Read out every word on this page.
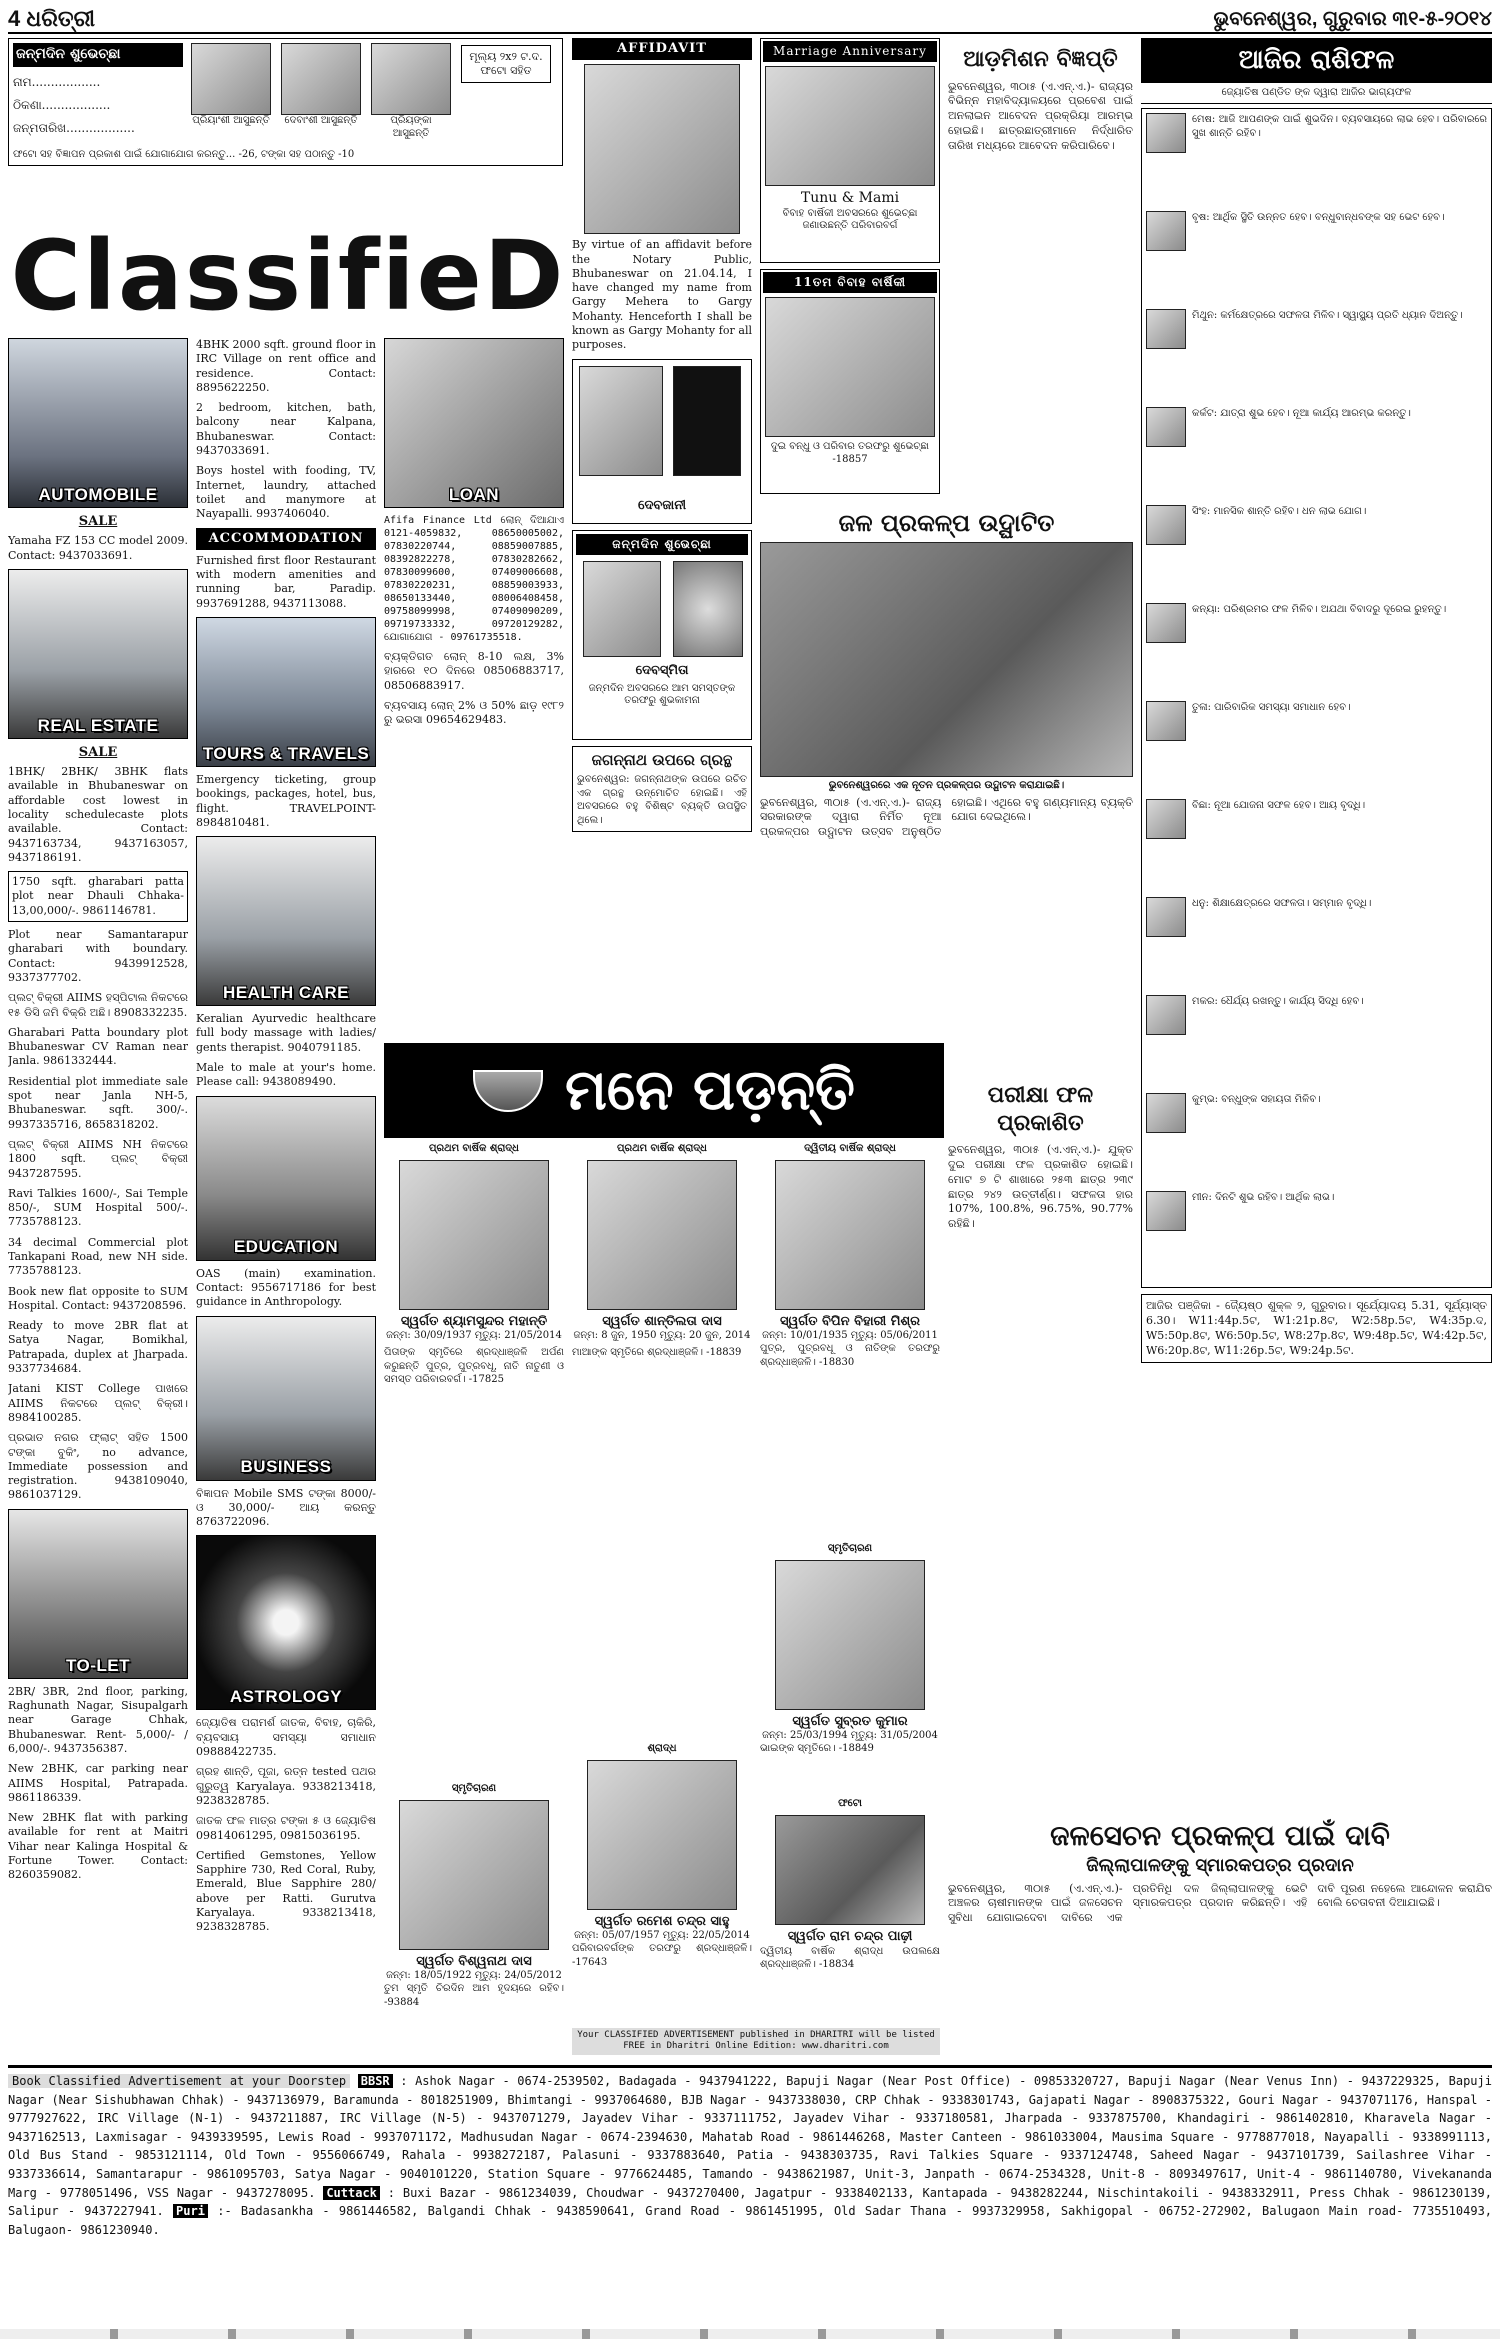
4 ଧରିତ୍ରୀ	ଭୁବନେଶ୍ୱର, ଗୁରୁବାର ୩୧-୫-୨୦୧୪
ଜନ୍ମଦିନ ଶୁଭେଚ୍ଛା
ନାମ..................
ଠିକଣା..................
ଜନ୍ମତାରିଖ..................	ପ୍ରିୟାଂଶୀ ଆସୁଛନ୍ତି	ଦେବାଂଶୀ ଆସୁଛନ୍ତି	ପ୍ରିୟଙ୍କା ଆସୁଛନ୍ତି
ମୂଲ୍ୟ ୨x୨ ଟ.ଦ. ଫଟୋ ସହିତ
ଫଟୋ ସହ ବିଜ୍ଞାପନ ପ୍ରକାଶ ପାଇଁ ଯୋଗାଯୋଗ କରନ୍ତୁ... -26, ଟଙ୍କା ସହ ପଠାନ୍ତୁ -10
ClassifieD
AUTOMOBILE
SALE
Yamaha FZ 153 CC model 2009. Contact: 9437033691.
REAL ESTATE
SALE
1BHK/ 2BHK/ 3BHK flats available in Bhubaneswar on affordable cost lowest in locality schedulecaste plots available. Contact: 9437163734, 9437163057, 9437186191.
1750 sqft. gharabari patta plot near Dhauli Chhaka-13,00,000/-. 9861146781.
Plot near Samantarapur gharabari with boundary. Contact: 9439912528, 9337377702.
ପ୍ଲଟ୍ ବିକ୍ରୀ AIIMS ହସ୍ପିଟାଲ ନିକଟରେ ୧୫ ଡିସି ଜମି ବିକ୍ରି ଅଛି। 8908332235.
Gharabari Patta boundary plot Bhubaneswar CV Raman near Janla. 9861332444.
Residential plot immediate sale spot near Janla NH-5, Bhubaneswar. sqft. 300/-. 9937335716, 8658318202.
ପ୍ଲଟ୍ ବିକ୍ରୀ AIIMS NH ନିକଟରେ 1800 sqft. ପ୍ଲଟ୍ ବିକ୍ରୀ 9437287595.
Ravi Talkies 1600/-, Sai Temple 850/-, SUM Hospital 500/-. 7735788123.
34 decimal Commercial plot Tankapani Road, new NH side. 7735788123.
Book new flat opposite to SUM Hospital. Contact: 9437208596.
Ready to move 2BR flat at Satya Nagar, Bomikhal, Patrapada, duplex at Jharpada. 9337734684.
Jatani KIST College ପାଖରେ AIIMS ନିକଟରେ ପ୍ଲଟ୍ ବିକ୍ରୀ। 8984100285.
ପ୍ରଭାତ ନଗର ଫ୍ଲାଟ୍ ସହିତ 1500 ଟଙ୍କା ବୁକିଂ, no advance, Immediate possession and registration. 9438109040, 9861037129.
TO-LET
2BR/ 3BR, 2nd floor, parking, Raghunath Nagar, Sisupalgarh near Garage Chhak, Bhubaneswar. Rent- 5,000/- / 6,000/-. 9437356387.
New 2BHK, car parking near AIIMS Hospital, Patrapada. 9861186339.
New 2BHK flat with parking available for rent at Maitri Vihar near Kalinga Hospital & Fortune Tower. Contact: 8260359082.
4BHK 2000 sqft. ground floor in IRC Village on rent office and residence. Contact: 8895622250.
2 bedroom, kitchen, bath, balcony near Kalpana, Bhubaneswar. Contact: 9437033691.
Boys hostel with fooding, TV, Internet, laundry, attached toilet and manymore at Nayapalli. 9937406040.
ACCOMMODATION
Furnished first floor Restaurant with modern amenities and running bar, Paradip. 9937691288, 9437113088.
TOURS & TRAVELS
Emergency ticketing, group bookings, packages, hotel, bus, flight. TRAVELPOINT- 8984810481.
HEALTH CARE
Keralian Ayurvedic healthcare full body massage with ladies/ gents therapist. 9040791185.
Male to male at your's home. Please call: 9438089490.
EDUCATION
OAS (main) examination. Contact: 9556717186 for best guidance in Anthropology.
BUSINESS
ବିଜ୍ଞାପନ Mobile SMS ଟଙ୍କା 8000/- ଓ 30,000/- ଆୟ କରନ୍ତୁ 8763722096.
ASTROLOGY
ଜ୍ୟୋତିଷ ପରାମର୍ଶ ଜାତକ, ବିବାହ, ଚାକିରି, ବ୍ୟବସାୟ ସମସ୍ୟା ସମାଧାନ 09888422735.
ଗ୍ରହ ଶାନ୍ତି, ପୂଜା, ରତ୍ନ tested ପଥର ଗୁରୁତ୍ୱ Karyalaya. 9338213418, 9238328785.
ଜାତକ ଫଳ ମାତ୍ର ଟଙ୍କା ୫ ଓ ଜ୍ୟୋତିଷ 09814061295, 09815036195.
Certified Gemstones, Yellow Sapphire 730, Red Coral, Ruby, Emerald, Blue Sapphire 280/ above per Ratti. Gurutva Karyalaya. 9338213418, 9238328785.
LOAN
Afifa Finance Ltd ଲୋନ୍ ଦିଆଯାଏ 0121-4059832, 08650005002, 07830220744, 08859007885, 08392822278, 07830282662, 07830099600, 07409006608, 07830220231, 08859003933, 08650133440, 08006408458, 09758099998, 07409090209, 09719733332, 09720129282, ଯୋଗାଯୋଗ - 09761735518.
ବ୍ୟକ୍ତିଗତ ଲୋନ୍ 8-10 ଲକ୍ଷ, 3% ହାରରେ ୧୦ ଦିନରେ 08506883717, 08506883917.
ବ୍ୟବସାୟ ଲୋନ୍ 2% ଓ 50% ଛାଡ଼ ୧୯୮୨ ରୁ ଭରସା 09654629483.
AFFIDAVIT
By virtue of an affidavit before the Notary Public, Bhubaneswar on 21.04.14, I have changed my name from Gargy Mehera to Gargy Mohanty. Henceforth I shall be known as Gargy Mohanty for all purposes.
ଦେବଜାନୀ
ଜନ୍ମଦିନ ଶୁଭେଚ୍ଛା
ଦେବସ୍ମିତା
ଜନ୍ମଦିନ ଅବସରରେ ଆମ ସମସ୍ତଙ୍କ ତରଫରୁ ଶୁଭକାମନା
ଜଗନ୍ନାଥ ଉପରେ ଗ୍ରନ୍ଥ
ଭୁବନେଶ୍ୱର: ଜଗନ୍ନାଥଙ୍କ ଉପରେ ରଚିତ ଏକ ଗ୍ରନ୍ଥ ଉନ୍ମୋଚିତ ହୋଇଛି। ଏହି ଅବସରରେ ବହୁ ବିଶିଷ୍ଟ ବ୍ୟକ୍ତି ଉପସ୍ଥିତ ଥିଲେ।
Marriage Anniversary
Tunu & Mami
ବିବାହ ବାର୍ଷିକୀ ଅବସରରେ ଶୁଭେଚ୍ଛା ଜଣାଉଛନ୍ତି ପରିବାରବର୍ଗ
11ତମ ବିବାହ ବାର୍ଷିକୀ
ଦୁଇ ବନ୍ଧୁ ଓ ପରିବାର ତରଫରୁ ଶୁଭେଚ୍ଛା -18857
ଜଳ ପ୍ରକଳ୍ପ ଉଦ୍ଘାଟିତ
ଭୁବନେଶ୍ୱରରେ ଏକ ନୂତନ ପ୍ରକଳ୍ପର ଉଦ୍ଘାଟନ କରାଯାଇଛି।
ଭୁବନେଶ୍ୱର, ୩୦ା୫ (ଏ.ଏନ୍.ଏ.)- ରାଜ୍ୟ ସରକାରଙ୍କ ଦ୍ୱାରା ନିର୍ମିତ ନୂଆ ପ୍ରକଳ୍ପର ଉଦ୍ଘାଟନ ଉତ୍ସବ ଅନୁଷ୍ଠିତ ହୋଇଛି। ଏଥିରେ ବହୁ ଗଣ୍ୟମାନ୍ୟ ବ୍ୟକ୍ତି ଯୋଗ ଦେଇଥିଲେ।
ଆଡ଼ମିଶନ ବିଜ୍ଞପ୍ତି
ଭୁବନେଶ୍ୱର, ୩୦ା୫ (ଏ.ଏନ୍.ଏ.)- ରାଜ୍ୟର ବିଭିନ୍ନ ମହାବିଦ୍ୟାଳୟରେ ପ୍ରବେଶ ପାଇଁ ଅନଲାଇନ ଆବେଦନ ପ୍ରକ୍ରିୟା ଆରମ୍ଭ ହୋଇଛି। ଛାତ୍ରଛାତ୍ରୀମାନେ ନିର୍ଦ୍ଧାରିତ ତାରିଖ ମଧ୍ୟରେ ଆବେଦନ କରିପାରିବେ।
ପରୀକ୍ଷା ଫଳ ପ୍ରକାଶିତ
ଭୁବନେଶ୍ୱର, ୩୦ା୫ (ଏ.ଏନ୍.ଏ.)- ଯୁକ୍ତ ଦୁଇ ପରୀକ୍ଷା ଫଳ ପ୍ରକାଶିତ ହୋଇଛି। ମୋଟ ୭ ଟି ଶାଖାରେ ୨୫୩ ଛାତ୍ର ୨୩୯ ଛାତ୍ର ୨୪୨ ଉତ୍ତୀର୍ଣ୍ଣ। ସଫଳତା ହାର 107%, 100.8%, 96.75%, 90.77% ରହିଛି।
ଆଜିର ରାଶିଫଳ
ଜ୍ୟୋତିଷ ପଣ୍ଡିତ ଙ୍କ ଦ୍ୱାରା ଆଜିର ଭାଗ୍ୟଫଳ
ମେଷ: ଆଜି ଆପଣଙ୍କ ପାଇଁ ଶୁଭଦିନ। ବ୍ୟବସାୟରେ ଲାଭ ହେବ। ପରିବାରରେ ସୁଖ ଶାନ୍ତି ରହିବ।
ବୃଷ: ଆର୍ଥିକ ସ୍ଥିତି ଉନ୍ନତ ହେବ। ବନ୍ଧୁବାନ୍ଧବଙ୍କ ସହ ଭେଟ ହେବ।
ମିଥୁନ: କର୍ମକ୍ଷେତ୍ରରେ ସଫଳତା ମିଳିବ। ସ୍ୱାସ୍ଥ୍ୟ ପ୍ରତି ଧ୍ୟାନ ଦିଅନ୍ତୁ।
କର୍କଟ: ଯାତ୍ରା ଶୁଭ ହେବ। ନୂଆ କାର୍ଯ୍ୟ ଆରମ୍ଭ କରନ୍ତୁ।
ସିଂହ: ମାନସିକ ଶାନ୍ତି ରହିବ। ଧନ ଲାଭ ଯୋଗ।
କନ୍ୟା: ପରିଶ୍ରମର ଫଳ ମିଳିବ। ଅଯଥା ବିବାଦରୁ ଦୂରେଇ ରୁହନ୍ତୁ।
ତୁଳା: ପାରିବାରିକ ସମସ୍ୟା ସମାଧାନ ହେବ।
ବିଛା: ନୂଆ ଯୋଜନା ସଫଳ ହେବ। ଆୟ ବୃଦ୍ଧି।
ଧନୁ: ଶିକ୍ଷାକ୍ଷେତ୍ରରେ ସଫଳତା। ସମ୍ମାନ ବୃଦ୍ଧି।
ମକର: ଧୈର୍ଯ୍ୟ ରଖନ୍ତୁ। କାର୍ଯ୍ୟ ସିଦ୍ଧି ହେବ।
କୁମ୍ଭ: ବନ୍ଧୁଙ୍କ ସହାୟତା ମିଳିବ।
ମୀନ: ଦିନଟି ଶୁଭ ରହିବ। ଆର୍ଥିକ ଲାଭ।
ଆଜିର ପଞ୍ଜିକା - ଜ୍ୟୈଷ୍ଠ ଶୁକ୍ଳ ୨, ଗୁରୁବାର। ସୂର୍ଯ୍ୟୋଦୟ 5.31, ସୂର୍ଯ୍ୟାସ୍ତ 6.30। W11:44p.5ଟ, W1:21p.8ଟ, W2:58p.5ଟ, W4:35p.ଦ, W5:50p.8ଟ, W6:50p.5ଟ, W8:27p.8ଟ, W9:48p.5ଟ, W4:42p.5ଟ, W6:20p.8ଟ, W11:26p.5ଟ, W9:24p.5ଟ.
ଜଳସେଚନ ପ୍ରକଳ୍ପ ପାଇଁ ଦାବି
ଜିଲ୍ଲାପାଳଙ୍କୁ ସ୍ମାରକପତ୍ର ପ୍ରଦାନ
ଭୁବନେଶ୍ୱର, ୩୦ା୫ (ଏ.ଏନ୍.ଏ.)- ଅଞ୍ଚଳର ଚାଷୀମାନଙ୍କ ପାଇଁ ଜଳସେଚନ ସୁବିଧା ଯୋଗାଇଦେବା ଦାବିରେ ଏକ ପ୍ରତିନିଧି ଦଳ ଜିଲ୍ଲାପାଳଙ୍କୁ ଭେଟି ସ୍ମାରକପତ୍ର ପ୍ରଦାନ କରିଛନ୍ତି। ଏହି ଦାବି ପୂରଣ ନହେଲେ ଆନ୍ଦୋଳନ କରାଯିବ ବୋଲି ଚେତାବନୀ ଦିଆଯାଇଛି।
ମନେ ପଡ଼ନ୍ତି
ପ୍ରଥମ ବାର୍ଷିକ ଶ୍ରାଦ୍ଧ
ସ୍ୱର୍ଗତ ଶ୍ୟାମସୁନ୍ଦର ମହାନ୍ତି
ଜନ୍ମ: 30/09/1937 ମୃତ୍ୟୁ: 21/05/2014
ପିତାଙ୍କ ସ୍ମୃତିରେ ଶ୍ରଦ୍ଧାଞ୍ଜଳି ଅର୍ପଣ କରୁଛନ୍ତି ପୁତ୍ର, ପୁତ୍ରବଧୂ, ନାତି ନାତୁଣୀ ଓ ସମସ୍ତ ପରିବାରବର୍ଗ। -17825
ସ୍ମୃତିଚାରଣ
ସ୍ୱର୍ଗତ ବିଶ୍ୱନାଥ ଦାସ
ଜନ୍ମ: 18/05/1922 ମୃତ୍ୟୁ: 24/05/2012
ତୁମ ସ୍ମୃତି ଚିରଦିନ ଆମ ହୃଦୟରେ ରହିବ। -93884
ପ୍ରଥମ ବାର୍ଷିକ ଶ୍ରାଦ୍ଧ
ସ୍ୱର୍ଗତ ଶାନ୍ତିଲତା ଦାସ
ଜନ୍ମ: 8 ଜୁନ, 1950 ମୃତ୍ୟୁ: 20 ଜୁନ, 2014
ମାଆଙ୍କ ସ୍ମୃତିରେ ଶ୍ରଦ୍ଧାଞ୍ଜଳି। -18839
ଶ୍ରାଦ୍ଧ
ସ୍ୱର୍ଗତ ରମେଶ ଚନ୍ଦ୍ର ସାହୁ
ଜନ୍ମ: 05/07/1957 ମୃତ୍ୟୁ: 22/05/2014
ପରିବାରବର୍ଗଙ୍କ ତରଫରୁ ଶ୍ରଦ୍ଧାଞ୍ଜଳି। -17643
ଦ୍ୱିତୀୟ ବାର୍ଷିକ ଶ୍ରାଦ୍ଧ
ସ୍ୱର୍ଗତ ବିପିନ ବିହାରୀ ମିଶ୍ର
ଜନ୍ମ: 10/01/1935 ମୃତ୍ୟୁ: 05/06/2011
ପୁତ୍ର, ପୁତ୍ରବଧୂ ଓ ନାତିଙ୍କ ତରଫରୁ ଶ୍ରଦ୍ଧାଞ୍ଜଳି। -18830
ସ୍ମୃତିଚାରଣ
ସ୍ୱର୍ଗତ ସୁବ୍ରତ କୁମାର
ଜନ୍ମ: 25/03/1994 ମୃତ୍ୟୁ: 31/05/2004
ଭାଇଙ୍କ ସ୍ମୃତିରେ। -18849
ଫଟୋ
ସ୍ୱର୍ଗତ ରାମ ଚନ୍ଦ୍ର ପାଢ଼ୀ
ଦ୍ୱିତୀୟ ବାର୍ଷିକ ଶ୍ରାଦ୍ଧ ଉପଲକ୍ଷେ ଶ୍ରଦ୍ଧାଞ୍ଜଳି। -18834
Your CLASSIFIED ADVERTISEMENT published in DHARITRI will be listed FREE in Dharitri Online Edition: www.dharitri.com
Book Classified Advertisement at your Doorstep BBSR : Ashok Nagar - 0674-2539502, Badagada - 9437941222, Bapuji Nagar (Near Post Office) - 09853320727, Bapuji Nagar (Near Venus Inn) - 9437229325, Bapuji Nagar (Near Sishubhawan Chhak) - 9437136979, Baramunda - 8018251909, Bhimtangi - 9937064680, BJB Nagar - 9437338030, CRP Chhak - 9338301743, Gajapati Nagar - 8908375322, Gouri Nagar - 9437071176, Hanspal - 9777927622, IRC Village (N-1) - 9437211887, IRC Village (N-5) - 9437071279, Jayadev Vihar - 9337111752, Jayadev Vihar - 9337180581, Jharpada - 9337875700, Khandagiri - 9861402810, Kharavela Nagar - 9437162513, Laxmisagar - 9439339595, Lewis Road - 9937071172, Madhusudan Nagar - 0674-2394630, Mahatab Road - 9861446268, Master Canteen - 9861033004, Mausima Square - 9778877018, Nayapalli - 9338991113, Old Bus Stand - 9853121114, Old Town - 9556066749, Rahala - 9938272187, Palasuni - 9337883640, Patia - 9438303735, Ravi Talkies Square - 9337124748, Saheed Nagar - 9437101739, Sailashree Vihar - 9337336614, Samantarapur - 9861095703, Satya Nagar - 9040101220, Station Square - 9776624485, Tamando - 9438621987, Unit-3, Janpath - 0674-2534328, Unit-8 - 8093497617, Unit-4 - 9861140780, Vivekananda Marg - 9778051496, VSS Nagar - 9437278095. Cuttack : Buxi Bazar - 9861234039, Choudwar - 9437270400, Jagatpur - 9338402133, Kantapada - 9438282244, Nischintakoili - 9438332911, Press Chhak - 9861230139, Salipur - 9437227941. Puri :- Badasankha - 9861446582, Balgandi Chhak - 9438590641, Grand Road - 9861451995, Old Sadar Thana - 9937329958, Sakhigopal - 06752-272902, Balugaon Main road- 7735510493, Balugaon- 9861230940.
